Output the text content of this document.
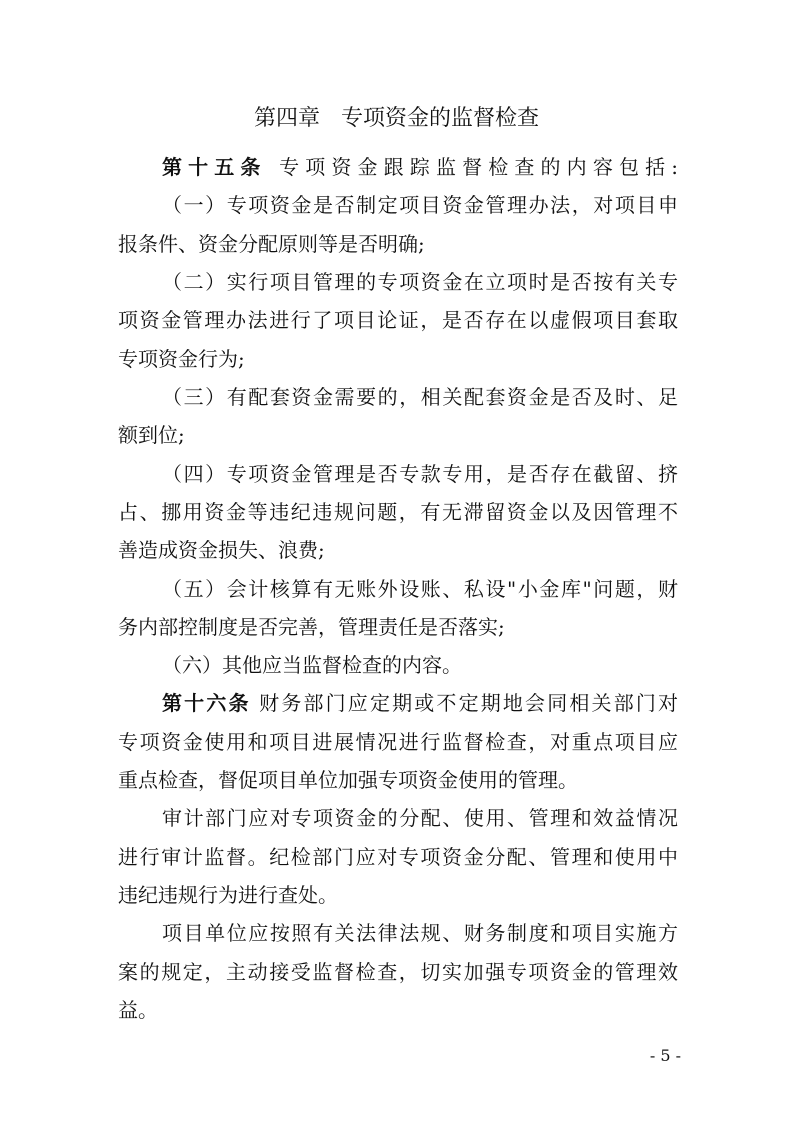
第四章   专项资金的监督检查
第十五条 专项资金跟踪监督检查的内容包括:
（一）专项资金是否制定项目资金管理办法，对项目申
报条件、资金分配原则等是否明确;
（二）实行项目管理的专项资金在立项时是否按有关专
项资金管理办法进行了项目论证，是否存在以虚假项目套取
专项资金行为;
（三）有配套资金需要的，相关配套资金是否及时、足
额到位;
（四）专项资金管理是否专款专用，是否存在截留、挤
占、挪用资金等违纪违规问题，有无滞留资金以及因管理不
善造成资金损失、浪费;
（五）会计核算有无账外设账、私设"小金库"问题，财
务内部控制度是否完善，管理责任是否落实;
（六）其他应当监督检查的内容。
第十六条 财务部门应定期或不定期地会同相关部门对
专项资金使用和项目进展情况进行监督检查，对重点项目应
重点检查，督促项目单位加强专项资金使用的管理。
审计部门应对专项资金的分配、使用、管理和效益情况
进行审计监督。纪检部门应对专项资金分配、管理和使用中
违纪违规行为进行查处。
项目单位应按照有关法律法规、财务制度和项目实施方
案的规定，主动接受监督检查，切实加强专项资金的管理效
益。
- 5 -
